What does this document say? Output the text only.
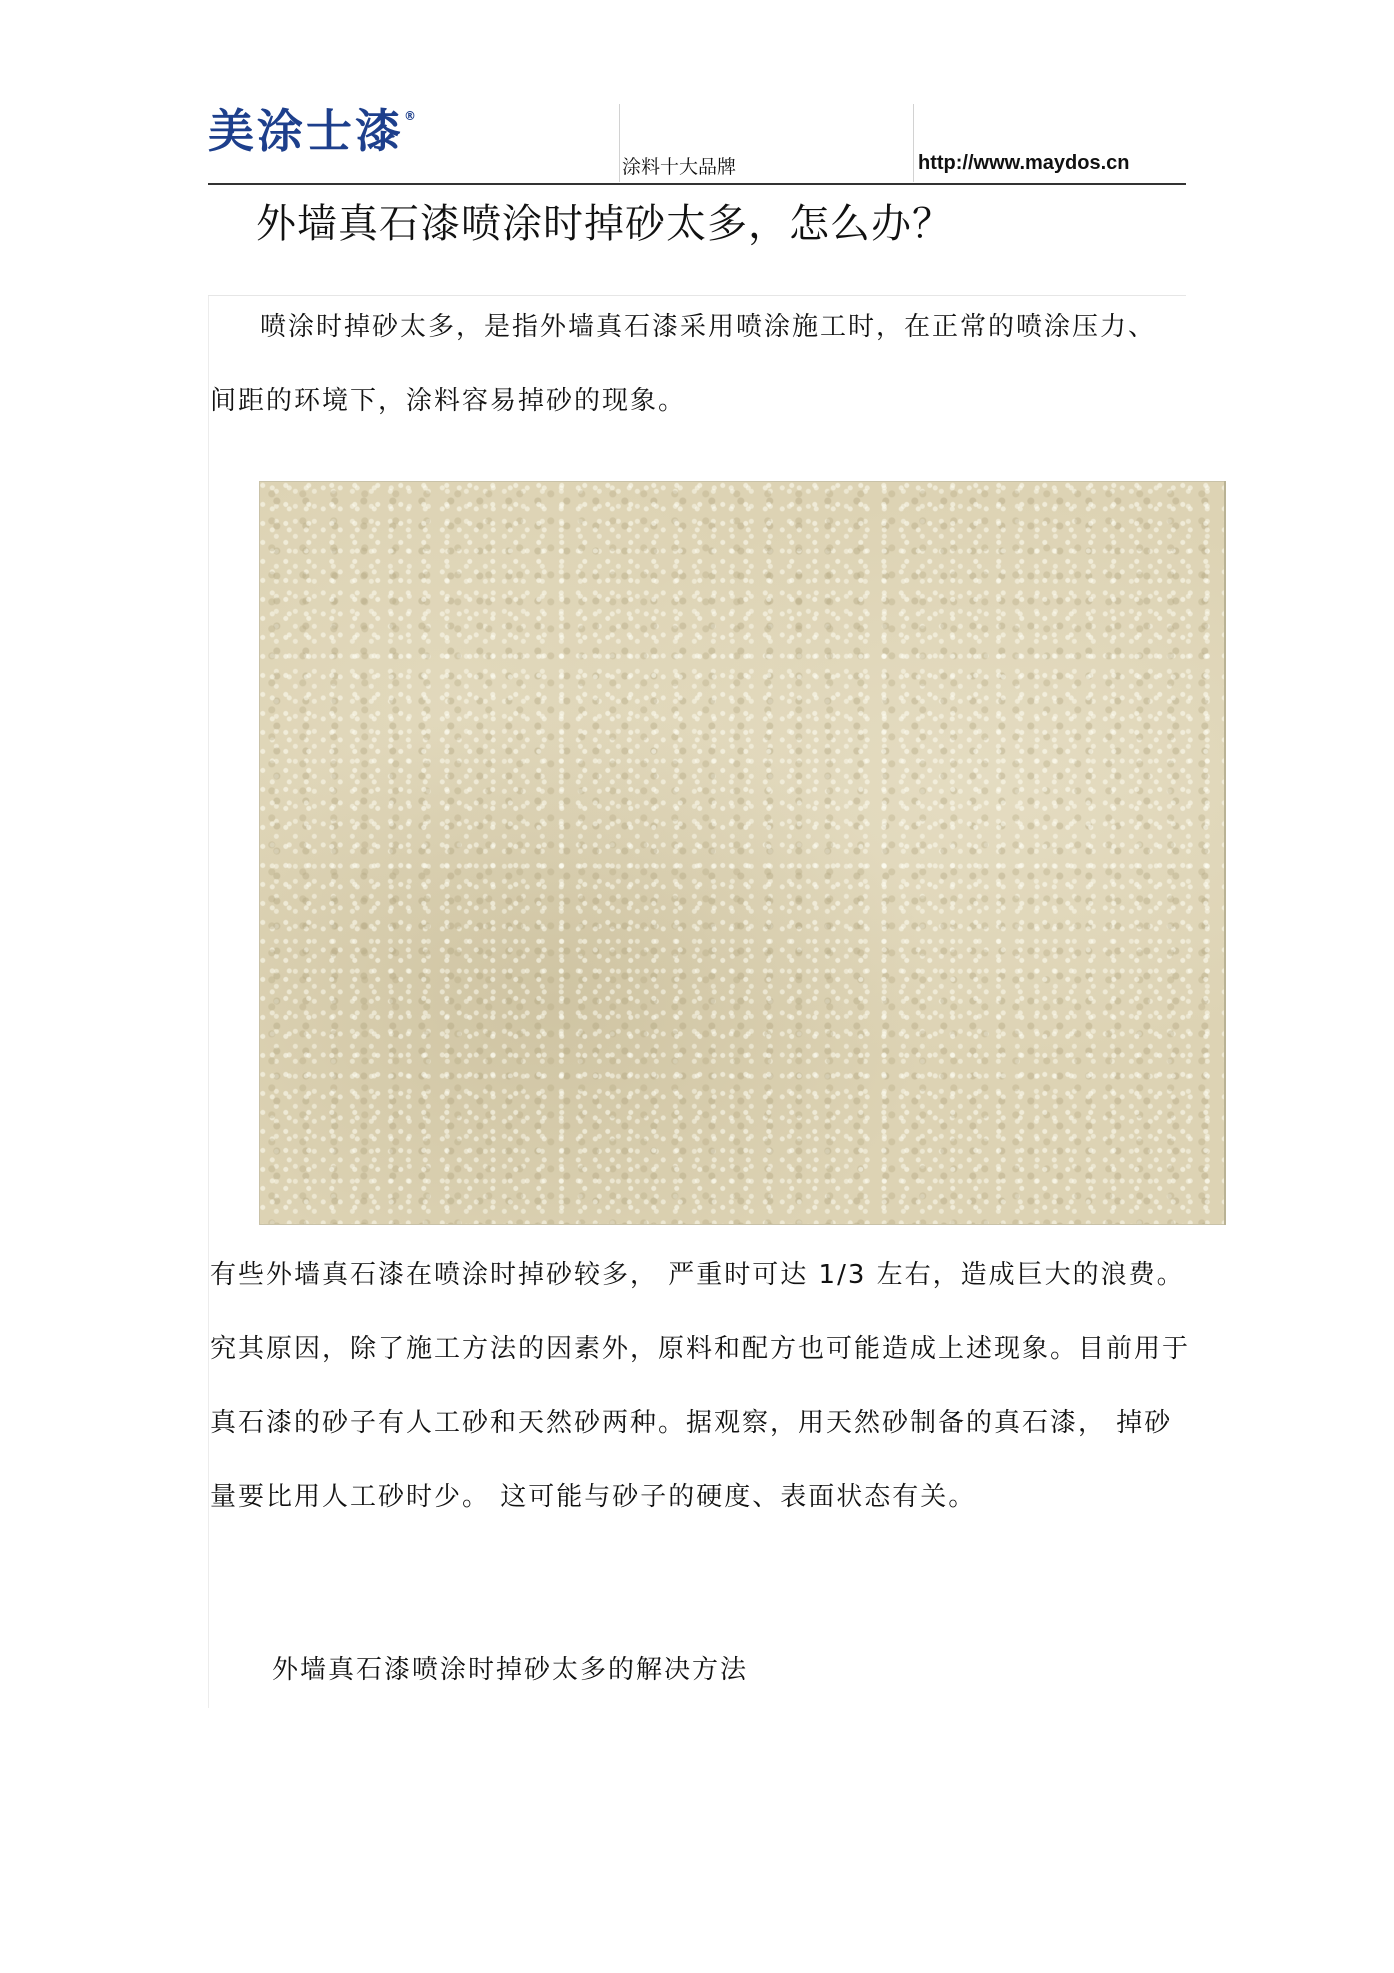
美涂士漆®
涂料十大品牌	http://www.maydos.cn
外墙真石漆喷涂时掉砂太多，怎么办？

喷涂时掉砂太多，是指外墙真石漆采用喷涂施工时，在正常的喷涂压力、间距的环境下，涂料容易掉砂的现象。

有些外墙真石漆在喷涂时掉砂较多， 严重时可达 1/3 左右，造成巨大的浪费。究其原因，除了施工方法的因素外，原料和配方也可能造成上述现象。目前用于真石漆的砂子有人工砂和天然砂两种。据观察，用天然砂制备的真石漆， 掉砂量要比用人工砂时少。 这可能与砂子的硬度、表面状态有关。

外墙真石漆喷涂时掉砂太多的解决方法
